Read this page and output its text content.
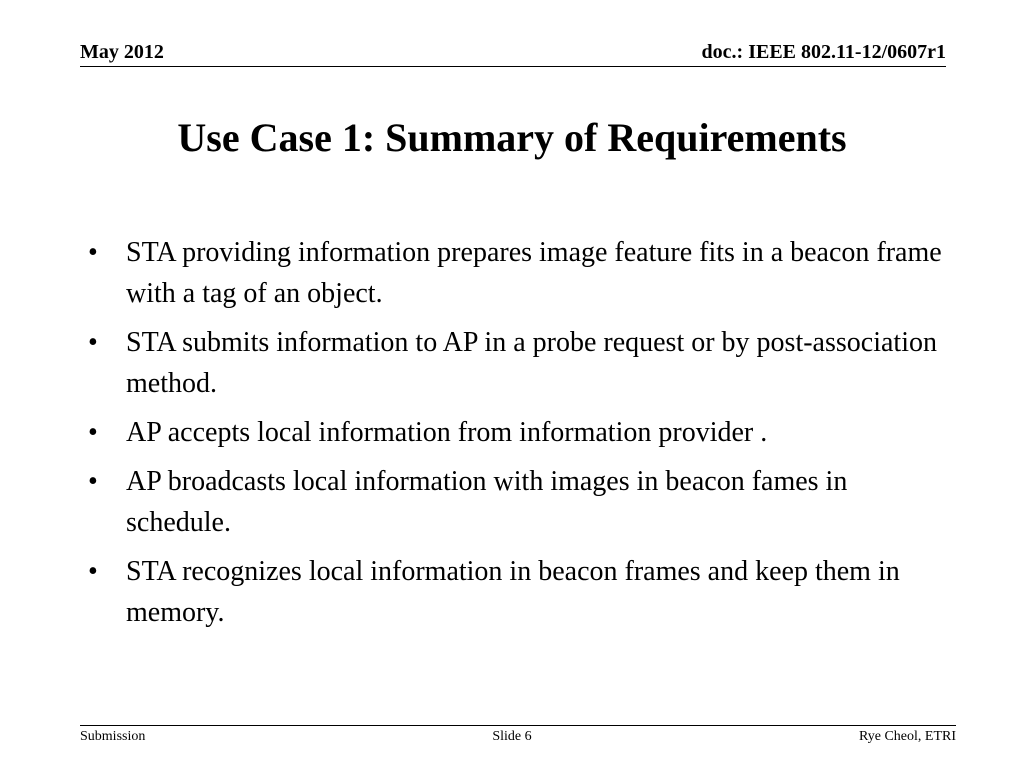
May 2012	doc.: IEEE 802.11-12/0607r1
Use Case 1: Summary of Requirements
•	STA providing information prepares image feature fits in a beacon frame with a tag of an object.
•	STA submits information to AP in a probe request or by post-association method.
•	AP accepts local information from information provider .
•	AP broadcasts local information with images in beacon fames in schedule.
•	STA recognizes local information in beacon frames and keep them in memory.
Submission	Slide 6	Rye Cheol, ETRI
